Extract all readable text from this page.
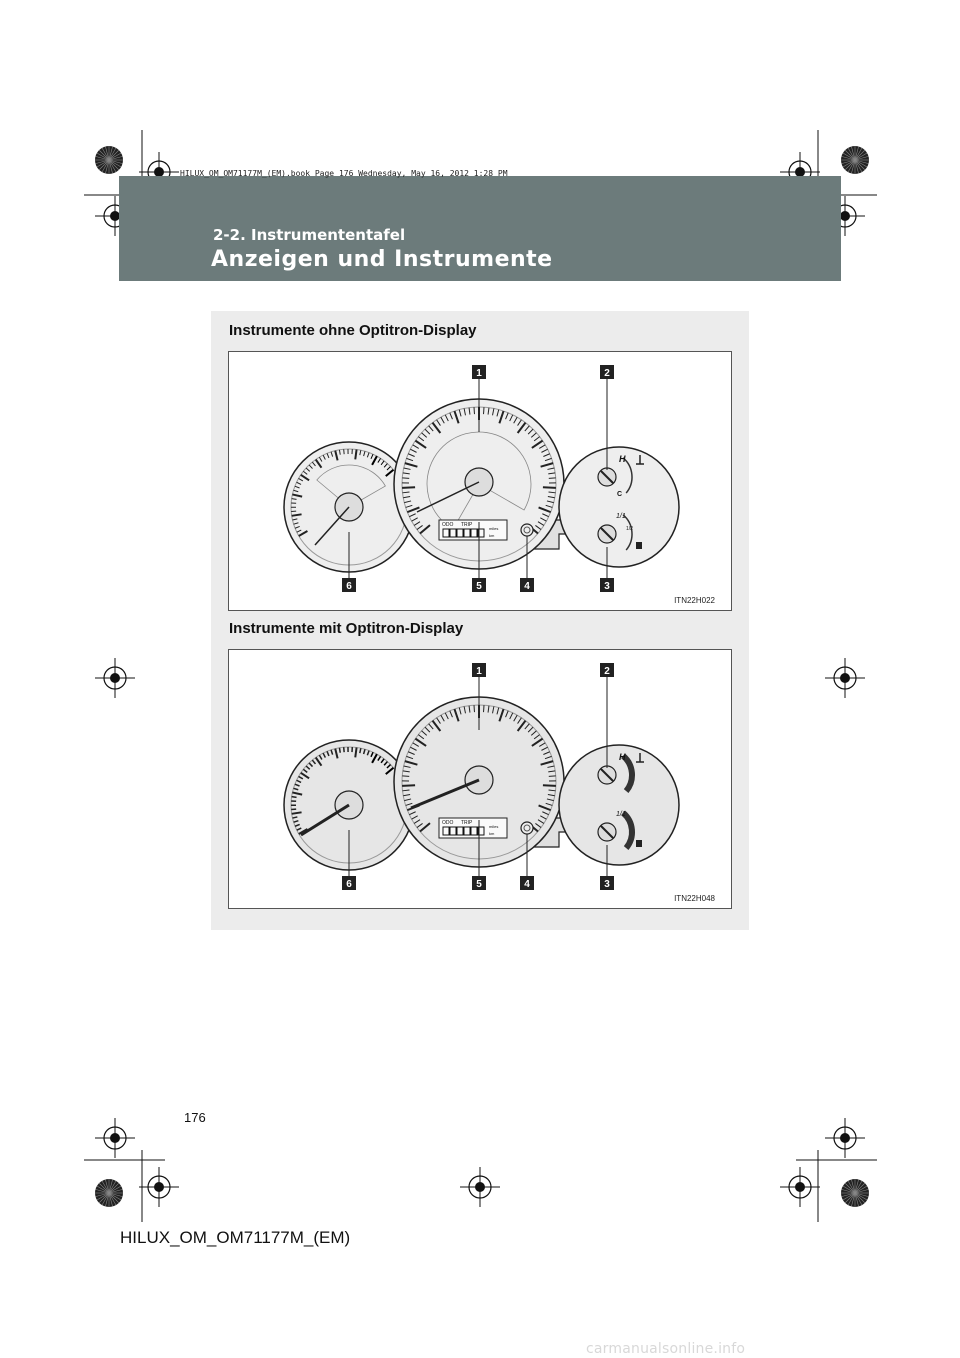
HILUX_OM_OM71177M_(EM).book Page 176 Wednesday, May 16, 2012 1:28 PM
2-2. Instrumententafel
Anzeigen und Instrumente
Instrumente ohne Optitron-Display
ODO TRIP
miles
km
H
C
1/1
1/2
1	2
3
4
5
6
ITN22H022
Instrumente mit Optitron-Display
ODO TRIP
miles
km
H
1/1
1	2
3
4
5
6
ITN22H048
176
HILUX_OM_OM71177M_(EM)
carmanualsonline.info
